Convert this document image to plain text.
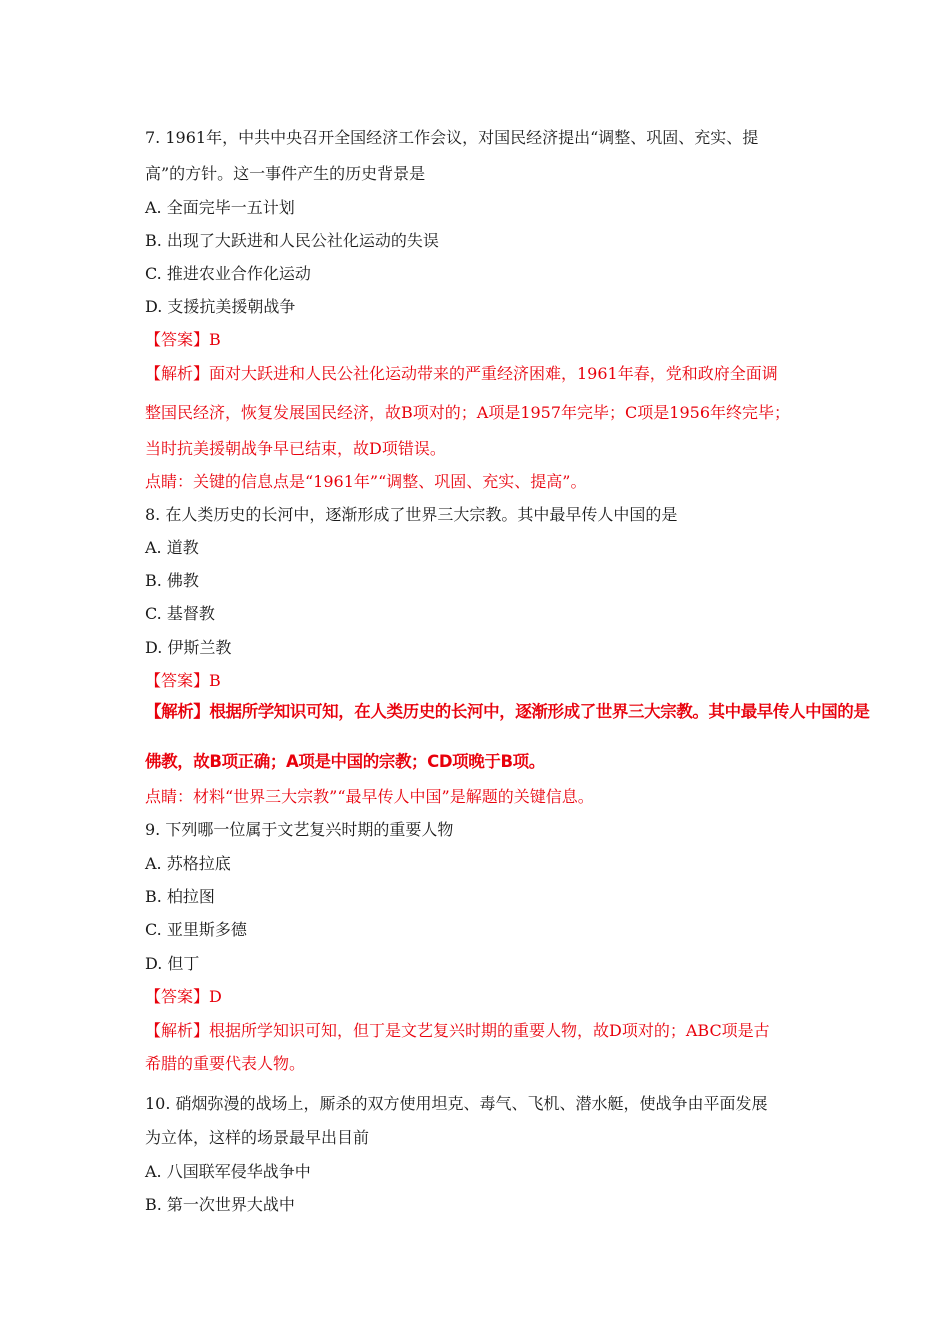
7. 1961年，中共中央召开全国经济工作会议，对国民经济提出“调整、巩固、充实、提
高”的方针。这一事件产生的历史背景是
A. 全面完毕一五计划
B. 出现了大跃进和人民公社化运动的失误
C. 推进农业合作化运动
D. 支援抗美援朝战争
【答案】B
【解析】面对大跃进和人民公社化运动带来的严重经济困难，1961年春，党和政府全面调
整国民经济，恢复发展国民经济，故B项对的；A项是1957年完毕；C项是1956年终完毕；
当时抗美援朝战争早已结束，故D项错误。
点睛：关键的信息点是“1961年”“调整、巩固、充实、提高”。
8. 在人类历史的长河中，逐渐形成了世界三大宗教。其中最早传人中国的是
A. 道教
B. 佛教
C. 基督教
D. 伊斯兰教
【答案】B
【解析】根据所学知识可知，在人类历史的长河中，逐渐形成了世界三大宗教。其中最早传人中国的是
佛教，故B项正确；A项是中国的宗教；CD项晚于B项。
点睛：材料“世界三大宗教”“最早传人中国”是解题的关键信息。
9. 下列哪一位属于文艺复兴时期的重要人物
A. 苏格拉底
B. 柏拉图
C. 亚里斯多德
D. 但丁
【答案】D
【解析】根据所学知识可知，但丁是文艺复兴时期的重要人物，故D项对的；ABC项是古
希腊的重要代表人物。
10. 硝烟弥漫的战场上，厮杀的双方使用坦克、毒气、飞机、潜水艇，使战争由平面发展
为立体，这样的场景最早出目前
A. 八国联军侵华战争中
B. 第一次世界大战中
